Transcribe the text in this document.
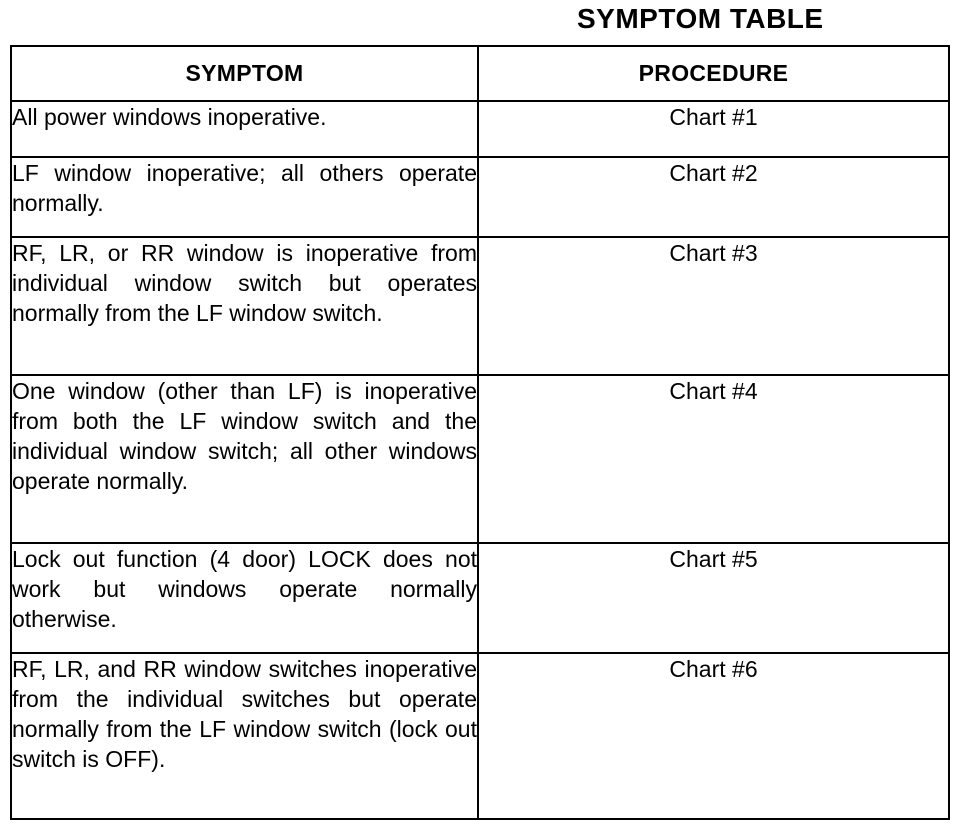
SYMPTOM TABLE
SYMPTOM	PROCEDURE
All power windows inoperative.	Chart #1
LF window inoperative; all others operate normally.	Chart #2
RF, LR, or RR window is inoperative from individual window switch but operates normally from the LF window switch.	Chart #3
One window (other than LF) is inoperative from both the LF window switch and the individual window switch; all other windows operate normally.	Chart #4
Lock out function (4 door) LOCK does not work but windows operate normally otherwise.	Chart #5
RF, LR, and RR window switches inoperative from the individual switches but operate normally from the LF window switch (lock out switch is OFF).	Chart #6
